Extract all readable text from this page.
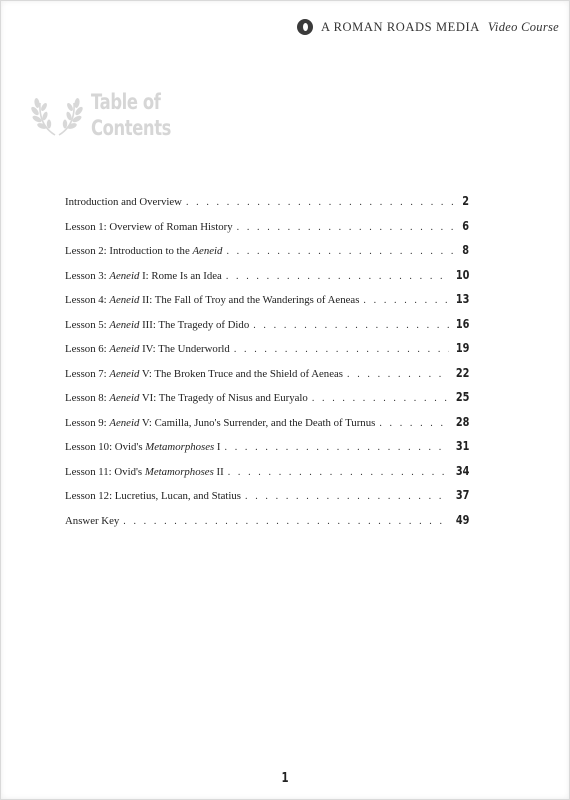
A ROMAN ROADS MEDIA Video Course
Table of
Contents
Introduction and Overview . . .	2
Lesson 1: Overview of Roman History . . .	6
Lesson 2: Introduction to the Aeneid . . .	8
Lesson 3: Aeneid I: Rome Is an Idea . . .	10
Lesson 4: Aeneid II: The Fall of Troy and the Wanderings of Aeneas . . .	13
Lesson 5: Aeneid III: The Tragedy of Dido . . .	16
Lesson 6: Aeneid IV: The Underworld . . .	19
Lesson 7: Aeneid V: The Broken Truce and the Shield of Aeneas . . .	22
Lesson 8: Aeneid VI: The Tragedy of Nisus and Euryalo . . .	25
Lesson 9: Aeneid V: Camilla, Juno's Surrender, and the Death of Turnus . . .	28
Lesson 10: Ovid's Metamorphoses I . . .	31
Lesson 11: Ovid's Metamorphoses II . . .	34
Lesson 12: Lucretius, Lucan, and Statius . . .	37
Answer Key . . .	49
1
